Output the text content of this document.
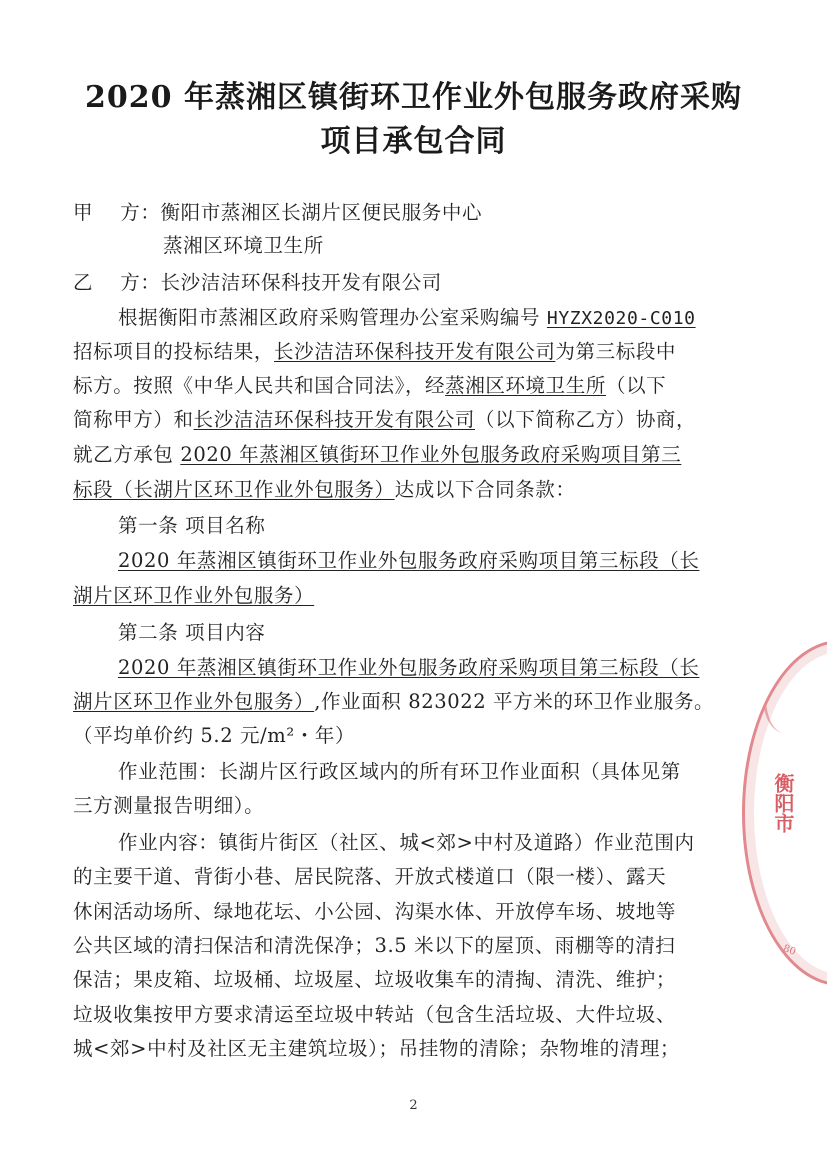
2020 年蒸湘区镇街环卫作业外包服务政府采购
项目承包合同
甲    方：衡阳市蒸湘区长湖片区便民服务中心
蒸湘区环境卫生所
乙    方：长沙洁洁环保科技开发有限公司
根据衡阳市蒸湘区政府采购管理办公室采购编号 HYZX2020-C010
招标项目的投标结果，长沙洁洁环保科技开发有限公司为第三标段中
标方。按照《中华人民共和国合同法》，经蒸湘区环境卫生所（以下
简称甲方）和长沙洁洁环保科技开发有限公司（以下简称乙方）协商，
就乙方承包 2020 年蒸湘区镇街环卫作业外包服务政府采购项目第三
标段（长湖片区环卫作业外包服务）达成以下合同条款：
第一条 项目名称
2020 年蒸湘区镇街环卫作业外包服务政府采购项目第三标段（长
湖片区环卫作业外包服务）
第二条 项目内容
2020 年蒸湘区镇街环卫作业外包服务政府采购项目第三标段（长
湖片区环卫作业外包服务）,作业面积 823022 平方米的环卫作业服务。
（平均单价约 5.2 元/m²・年）
作业范围：长湖片区行政区域内的所有环卫作业面积（具体见第
三方测量报告明细）。
作业内容：镇街片街区（社区、城<郊>中村及道路）作业范围内
的主要干道、背街小巷、居民院落、开放式楼道口（限一楼）、露天
休闲活动场所、绿地花坛、小公园、沟渠水体、开放停车场、坡地等
公共区域的清扫保洁和清洗保净；3.5 米以下的屋顶、雨棚等的清扫
保洁；果皮箱、垃圾桶、垃圾屋、垃圾收集车的清掏、清洗、维护；
垃圾收集按甲方要求清运至垃圾中转站（包含生活垃圾、大件垃圾、
城<郊>中村及社区无主建筑垃圾）；吊挂物的清除；杂物堆的清理；
2
衡阳市
80
